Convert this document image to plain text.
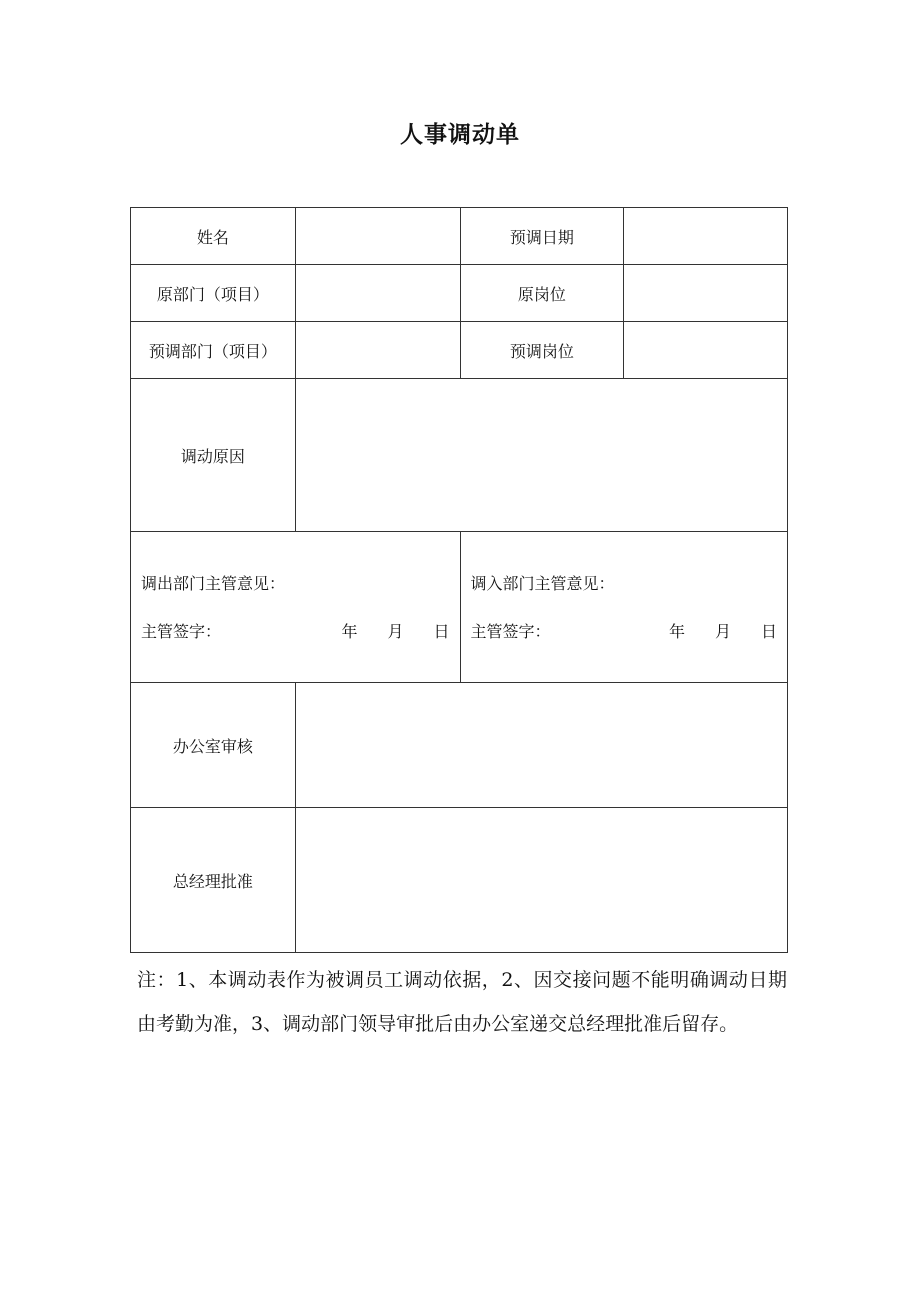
人事调动单
姓名	预调日期
原部门（项目）	原岗位
预调部门（项目）	预调岗位
调动原因
调出部门主管意见：
主管签字：	年 月 日
调入部门主管意见：
主管签字：	年 月 日
办公室审核
总经理批准
注：1、本调动表作为被调员工调动依据，2、因交接问题不能明确调动日期由考勤为准，3、调动部门领导审批后由办公室递交总经理批准后留存。
